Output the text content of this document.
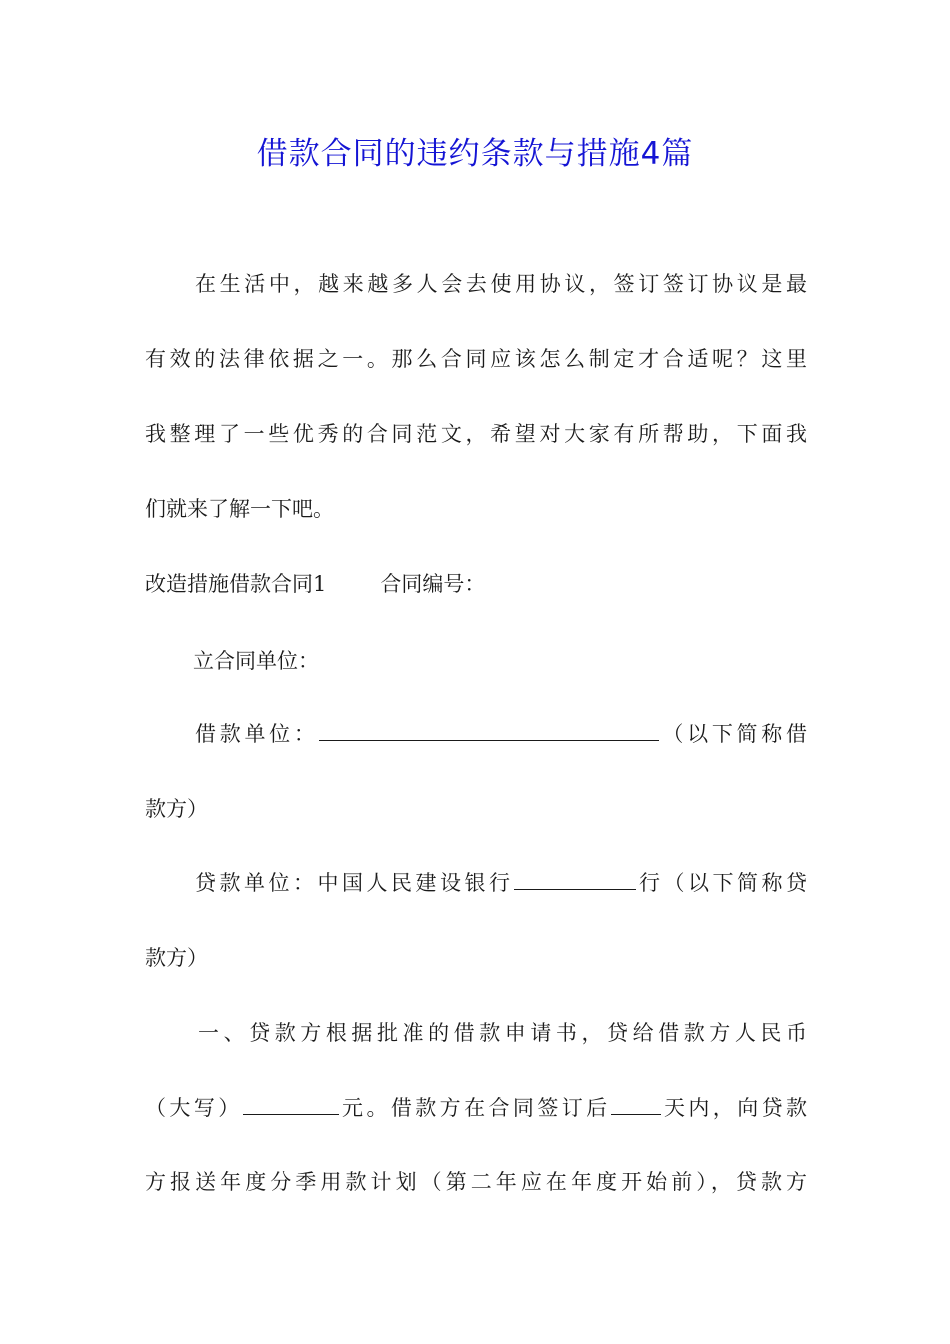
借款合同的违约条款与措施4篇

在生活中，越来越多人会去使用协议，签订签订协议是最

有效的法律依据之一。那么合同应该怎么制定才合适呢？这里

我整理了一些优秀的合同范文，希望对大家有所帮助，下面我

们就来了解一下吧。

改造措施借款合同1	合同编号：

立合同单位：

借款单位：	（以下简称借

款方）

贷款单位：中国人民建设银行	行（以下简称贷

款方）

一、贷款方根据批准的借款申请书，贷给借款方人民币

（大写）	元。借款方在合同签订后 天内，向贷款

方报送年度分季用款计划（第二年应在年度开始前），贷款方
